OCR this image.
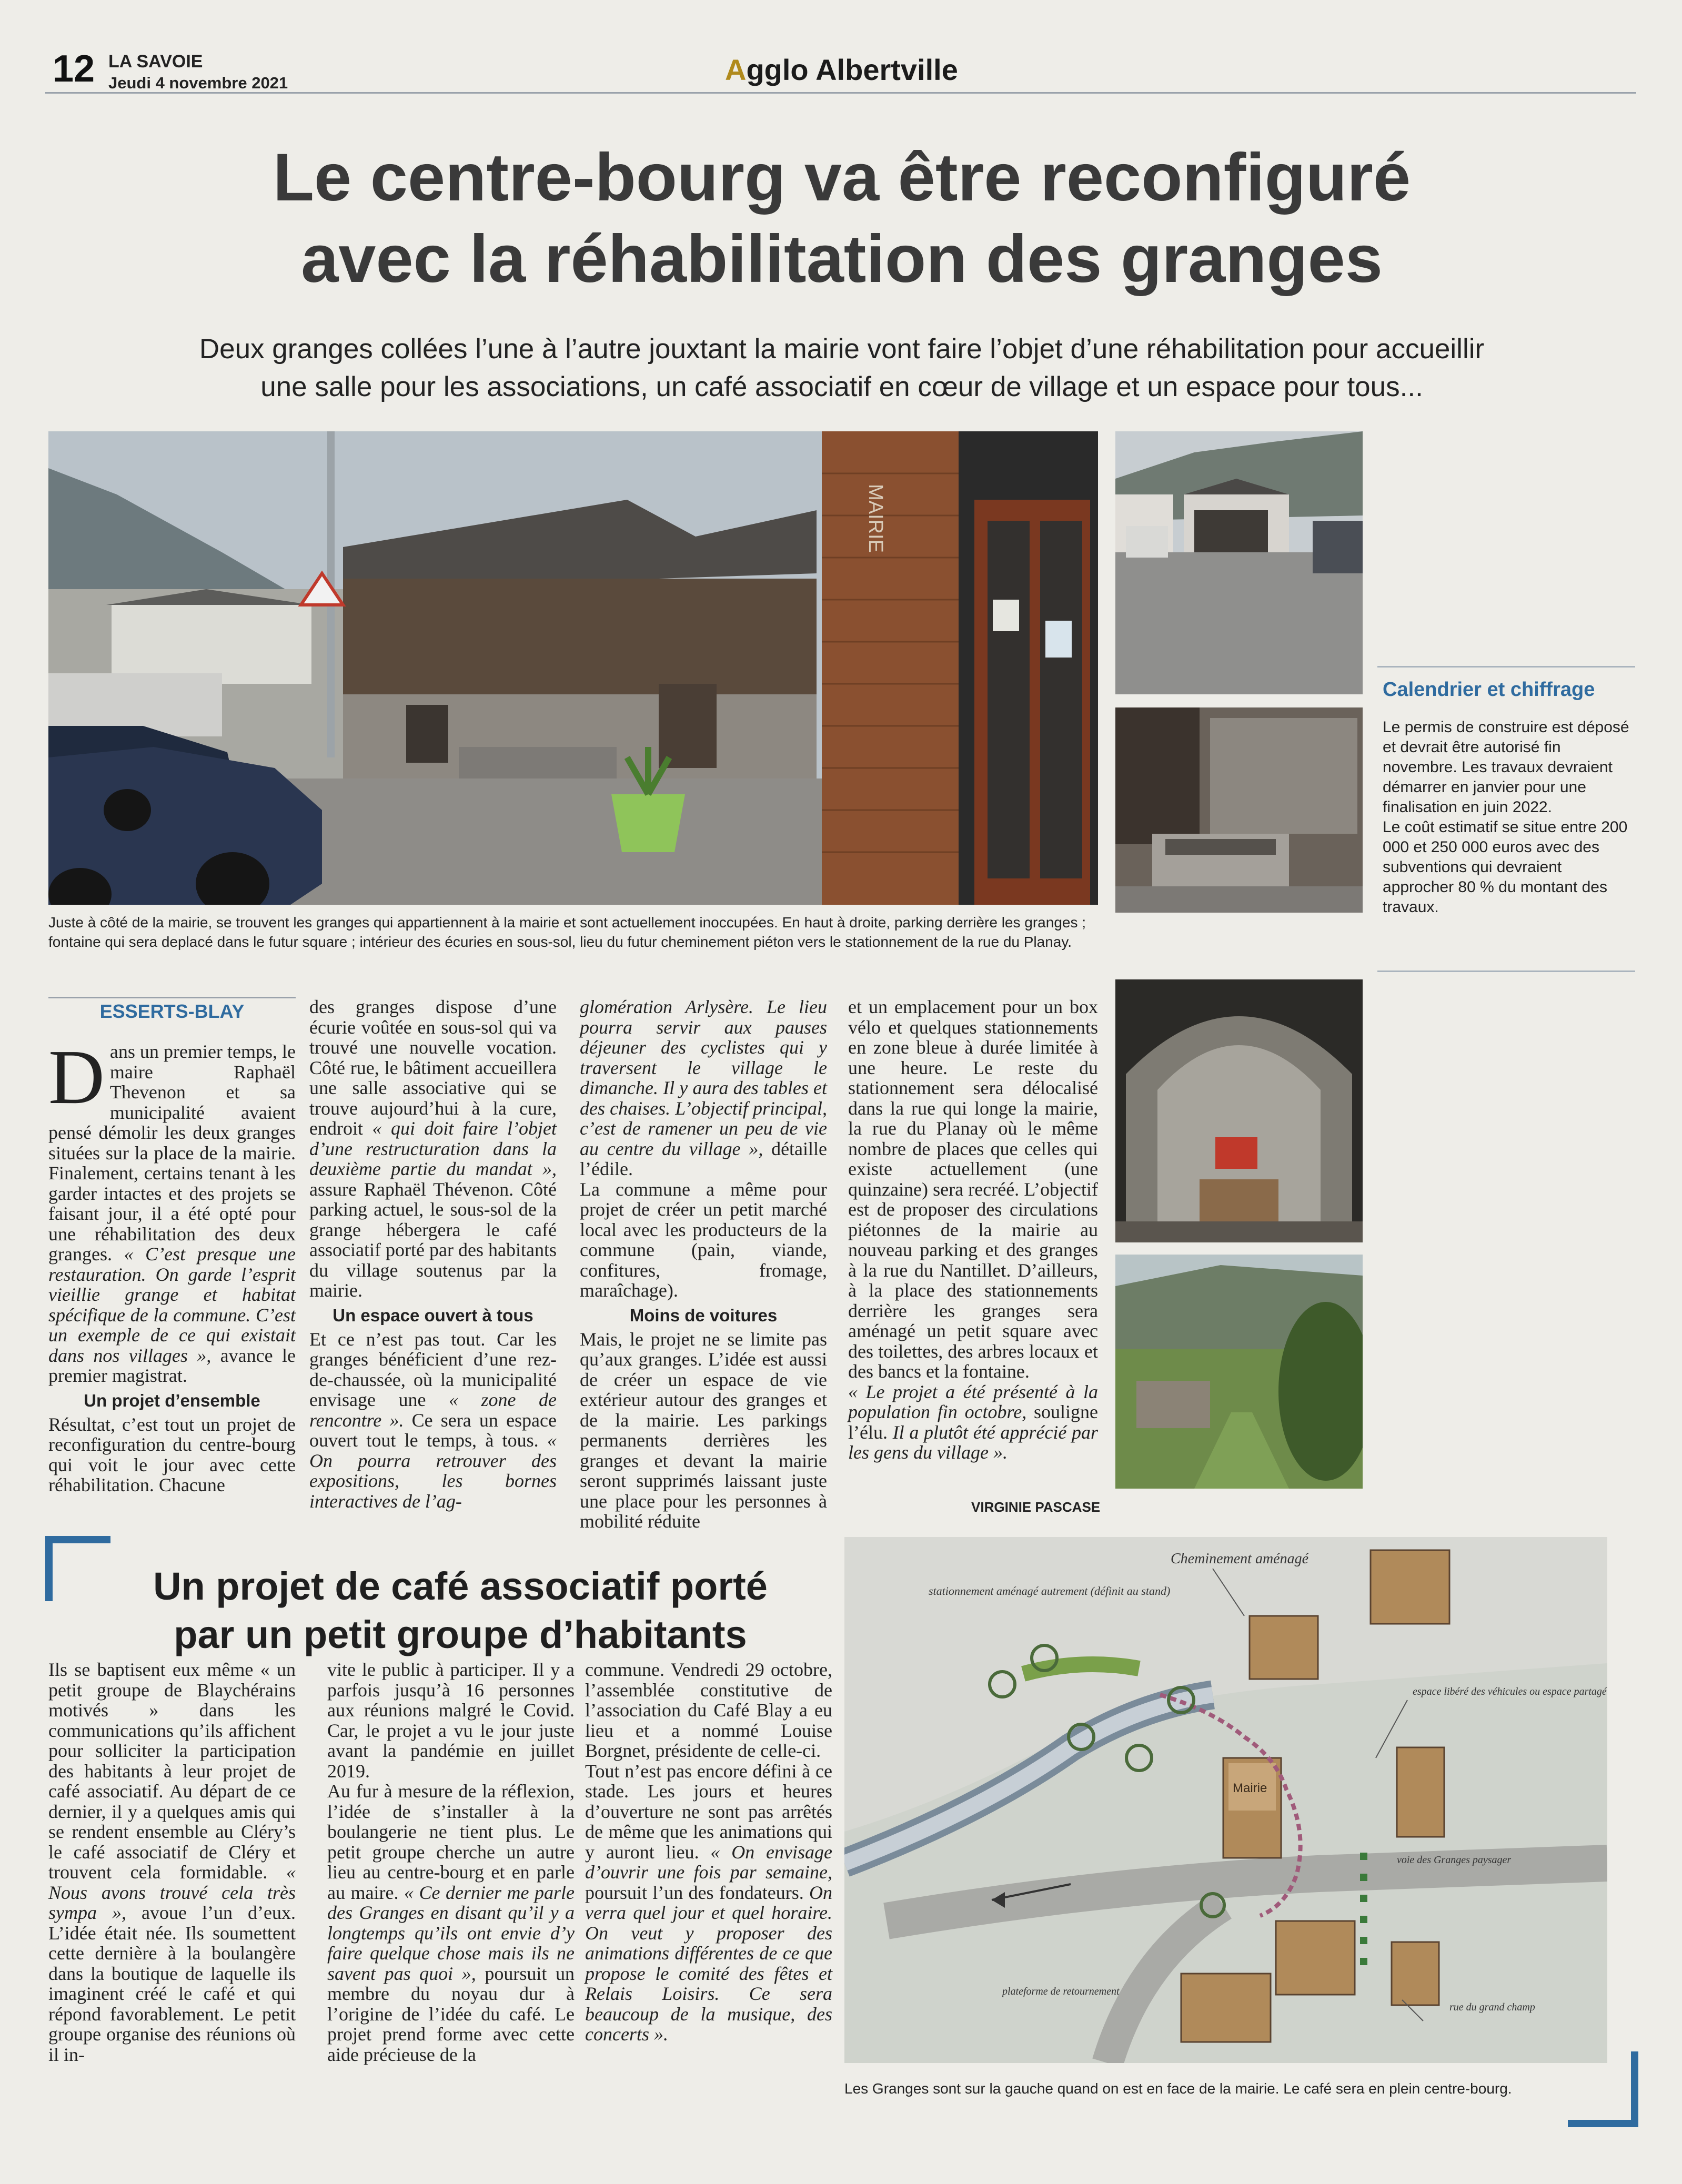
12 LA SAVOIE
Jeudi 4 novembre 2021	Agglo Albertville
Le centre-bourg va être reconfiguré
avec la réhabilitation des granges
Deux granges collées l’une à l’autre jouxtant la mairie vont faire l’objet d’une réhabilitation pour accueillir
une salle pour les associations, un café associatif en cœur de village et un espace pour tous...
MAIRIE
Juste à côté de la mairie, se trouvent les granges qui appartiennent à la mairie et sont actuellement inoccupées. En haut à droite, parking derrière les granges ; fontaine qui sera deplacé dans le futur square ; intérieur des écuries en sous-sol, lieu du futur cheminement piéton vers le stationnement de la rue du Planay.
Calendrier et chiffrage

Le permis de construire est déposé et devrait être autorisé fin novembre. Les travaux devraient démarrer en janvier pour une finalisation en juin 2022.

Le coût estimatif se situe entre 200 000 et 250 000 euros avec des subventions qui devraient approcher 80 % du montant des travaux.

ESSERTS-BLAY

Dans un premier temps, le maire Raphaël Thevenon et sa municipalité avaient pensé démolir les deux granges situées sur la place de la mairie. Finalement, certains tenant à les garder intactes et des projets se faisant jour, il a été opté pour une réhabilitation des deux granges. « C’est presque une restauration. On garde l’esprit vieillie grange et habitat spécifique de la commune. C’est un exemple de ce qui existait dans nos villages », avance le premier magistrat.

Un projet d’ensemble

Résultat, c’est tout un projet de reconfiguration du centre-bourg qui voit le jour avec cette réhabilitation. Chacune

des granges dispose d’une écurie voûtée en sous-sol qui va trouvé une nouvelle vocation. Côté rue, le bâtiment accueillera une salle associative qui se trouve aujourd’hui à la cure, endroit « qui doit faire l’objet d’une restructuration dans la deuxième partie du mandat », assure Raphaël Thévenon. Côté parking actuel, le sous-sol de la grange hébergera le café associatif porté par des habitants du village soutenus par la mairie.

Un espace ouvert à tous

Et ce n’est pas tout. Car les granges bénéficient d’une rez-de-chaussée, où la municipalité envisage une « zone de rencontre ». Ce sera un espace ouvert tout le temps, à tous. « On pourra retrouver des expositions, les bornes interactives de l’ag-

glomération Arlysère. Le lieu pourra servir aux pauses déjeuner des cyclistes qui y traversent le village le dimanche. Il y aura des tables et des chaises. L’objectif principal, c’est de ramener un peu de vie au centre du village », détaille l’édile.

La commune a même pour projet de créer un petit marché local avec les producteurs de la commune (pain, viande, confitures, fromage, maraîchage).

Moins de voitures

Mais, le projet ne se limite pas qu’aux granges. L’idée est aussi de créer un espace de vie extérieur autour des granges et de la mairie. Les parkings permanents derrières les granges et devant la mairie seront supprimés laissant juste une place pour les personnes à mobilité réduite

et un emplacement pour un box vélo et quelques stationnements en zone bleue à durée limitée à une heure. Le reste du stationnement sera délocalisé dans la rue qui longe la mairie, la rue du Planay où le même nombre de places que celles qui existe actuellement (une quinzaine) sera recréé. L’objectif est de proposer des circulations piétonnes de la mairie au nouveau parking et des granges à la rue du Nantillet. D’ailleurs, à la place des stationnements derrière les granges sera aménagé un petit square avec des toilettes, des arbres locaux et des bancs et la fontaine.

« Le projet a été présenté à la population fin octobre, souligne l’élu. Il a plutôt été apprécié par les gens du village ».

VIRGINIE PASCASE
Un projet de café associatif porté
par un petit groupe d’habitants

Ils se baptisent eux même « un petit groupe de Blaychérains motivés » dans les communications qu’ils affichent pour solliciter la participation des habitants à leur projet de café associatif. Au départ de ce dernier, il y a quelques amis qui se rendent ensemble au Cléry’s le café associatif de Cléry et trouvent cela formidable. « Nous avons trouvé cela très sympa », avoue l’un d’eux. L’idée était née. Ils soumettent cette dernière à la boulangère dans la boutique de laquelle ils imaginent créé le café et qui répond favorablement. Le petit groupe organise des réunions où il in-

vite le public à participer. Il y a parfois jusqu’à 16 personnes aux réunions malgré le Covid. Car, le projet a vu le jour juste avant la pandémie en juillet 2019.

Au fur à mesure de la réflexion, l’idée de s’installer à la boulangerie ne tient plus. Le petit groupe cherche un autre lieu au centre-bourg et en parle au maire. « Ce dernier me parle des Granges en disant qu’il y a longtemps qu’ils ont envie d’y faire quelque chose mais ils ne savent pas quoi », poursuit un membre du noyau dur à l’origine de l’idée du café. Le projet prend forme avec cette aide précieuse de la

commune. Vendredi 29 octobre, l’assemblée constitutive de l’association du Café Blay a eu lieu et a nommé Louise Borgnet, présidente de celle-ci.

Tout n’est pas encore défini à ce stade. Les jours et heures d’ouverture ne sont pas arrêtés de même que les animations qui y auront lieu. « On envisage d’ouvrir une fois par semaine, poursuit l’un des fondateurs. On verra quel jour et quel horaire. On veut y proposer des animations différentes de ce que propose le comité des fêtes et Relais Loisirs. Ce sera beaucoup de la musique, des concerts ».

Mairie
Cheminement aménagé
stationnement aménagé autrement (définit au stand)
espace libéré des véhicules ou espace partagé
voie des Granges paysager
plateforme de retournement
rue du grand champ
Les Granges sont sur la gauche quand on est en face de la mairie. Le café sera en plein centre-bourg.
